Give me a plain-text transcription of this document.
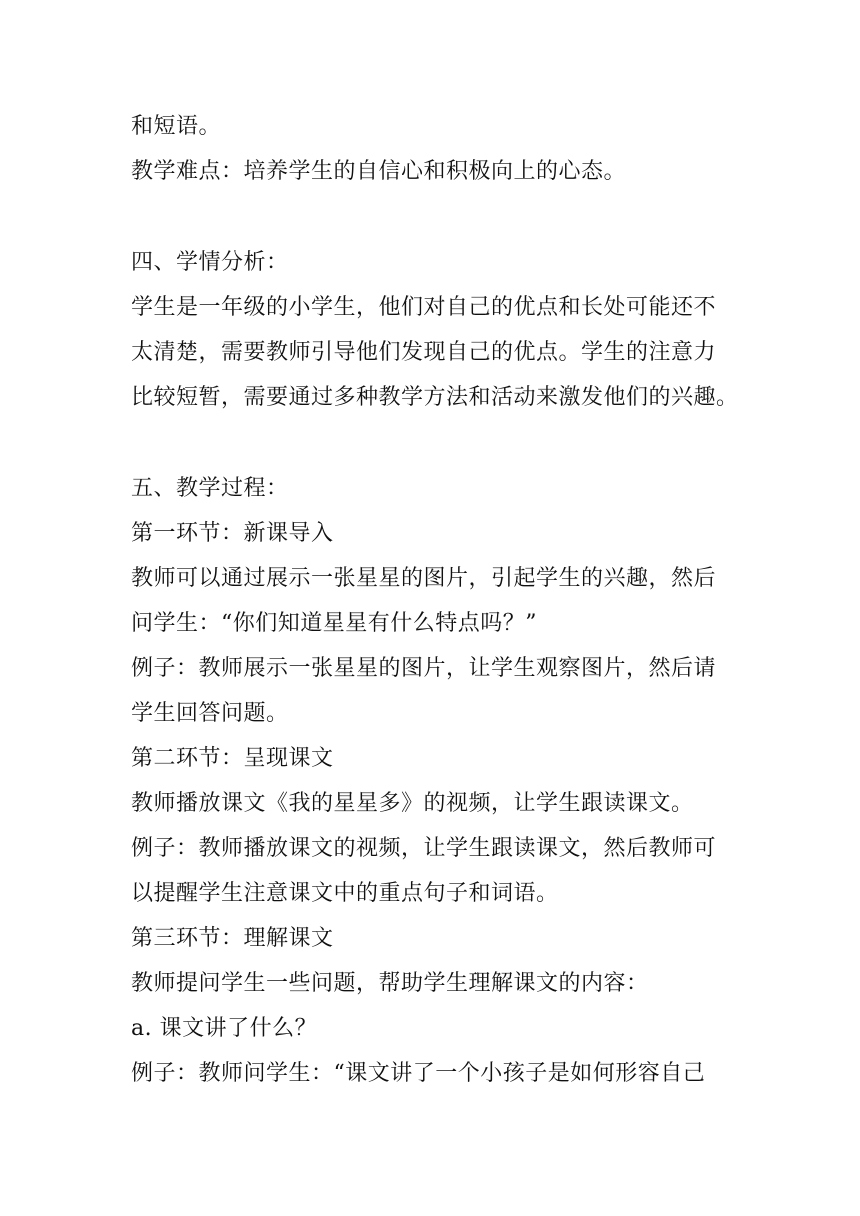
和短语。
教学难点：培养学生的自信心和积极向上的心态。
四、学情分析：
学生是一年级的小学生，他们对自己的优点和长处可能还不
太清楚，需要教师引导他们发现自己的优点。学生的注意力
比较短暂，需要通过多种教学方法和活动来激发他们的兴趣。
五、教学过程：
第一环节：新课导入
教师可以通过展示一张星星的图片，引起学生的兴趣，然后
问学生：“你们知道星星有什么特点吗？”
例子：教师展示一张星星的图片，让学生观察图片，然后请
学生回答问题。
第二环节：呈现课文
教师播放课文《我的星星多》的视频，让学生跟读课文。
例子：教师播放课文的视频，让学生跟读课文，然后教师可
以提醒学生注意课文中的重点句子和词语。
第三环节：理解课文
教师提问学生一些问题，帮助学生理解课文的内容：
a. 课文讲了什么？
例子：教师问学生：“课文讲了一个小孩子是如何形容自己
